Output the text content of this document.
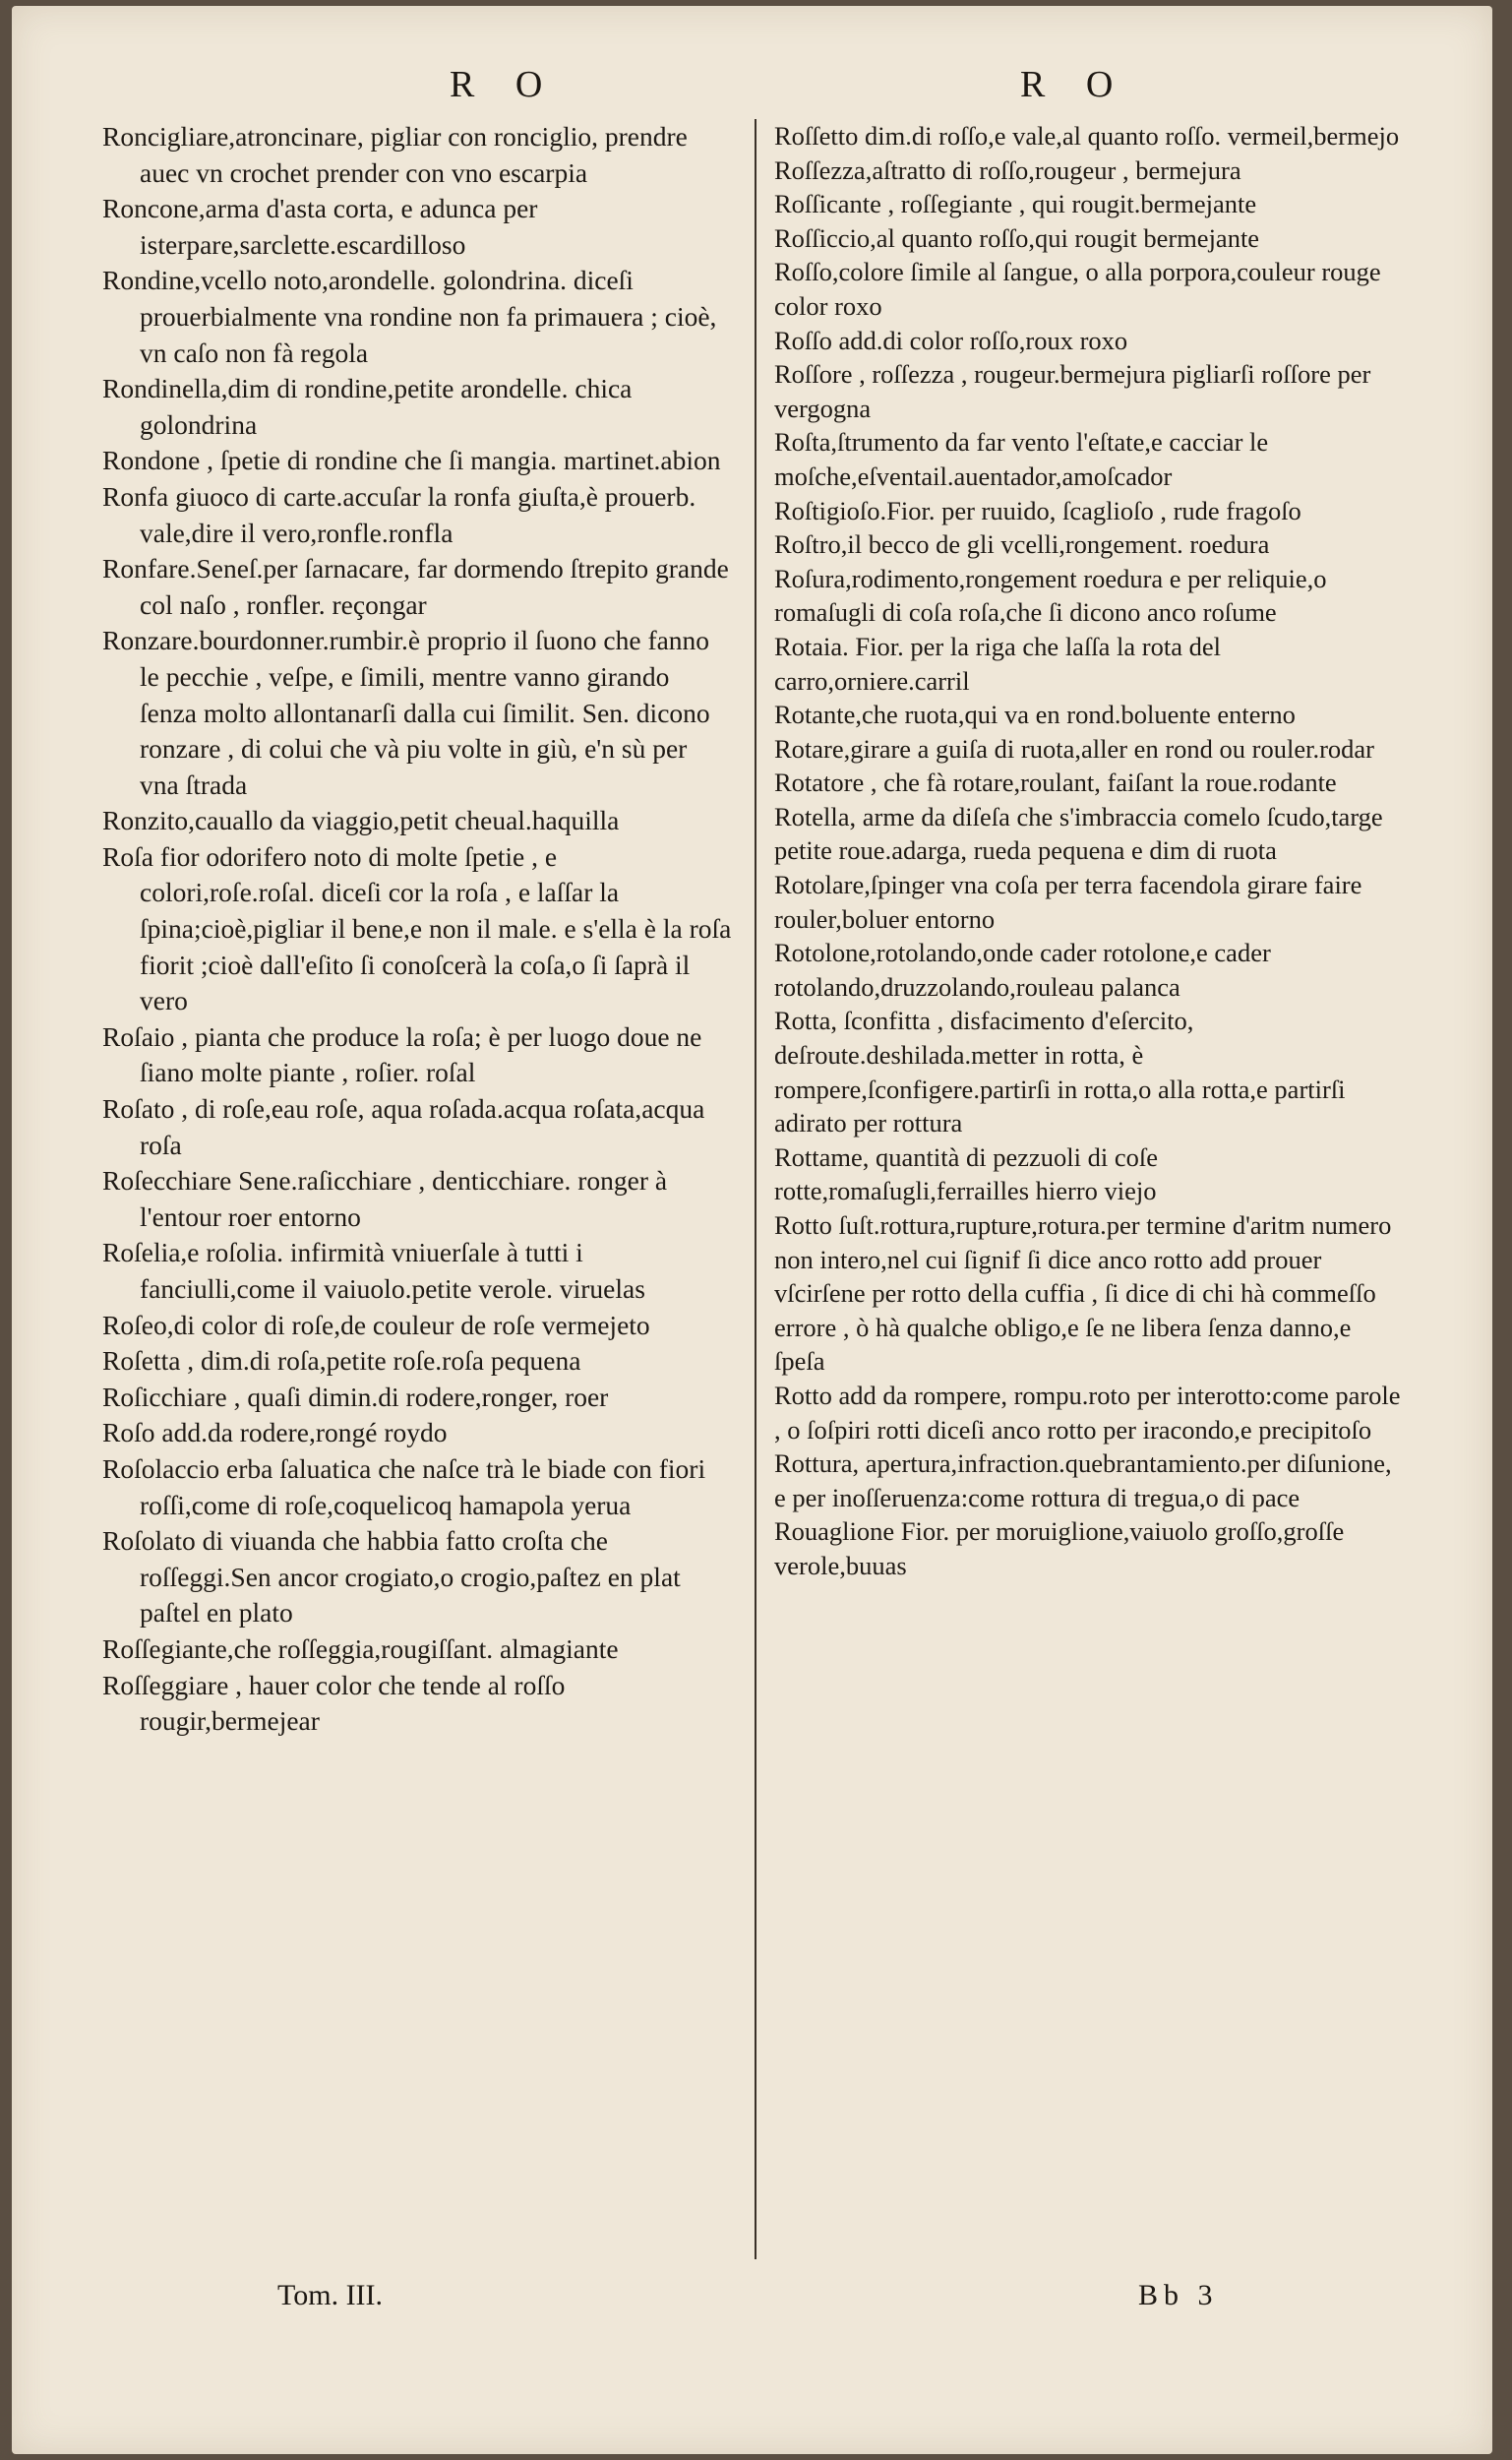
R O	R O

Roncigliare,atroncinare, pigliar con roncigliо, prendre auec vn crochet prender con vno escarpia

Roncone,arma d'asta corta, e adunca per isterpare,sarclette.escardilloso

Rondine,vcello noto,arondelle. golondrina. diceſi prouerbialmente vna rondine non fa primauera ; cioè, vn caſo non fà regola

Rondinella,dim di rondine,petite arondelle. chica golondrina

Rondone , ſpetie di rondine che ſi mangia. martinet.abion

Ronfa giuoco di carte.accuſar la ronfa giuſta,è prouerb. vale,dire il vero,ronfle.ronfla

Ronfare.Seneſ.per ſarnacare, far dormendo ſtrepito grande col naſo , ronfler. reçongar

Ronzare.bourdonner.rumbir.è proprio il ſuono che fanno le pecchie , veſpe, e ſimili, mentre vanno girando ſenza molto allontanarſi dalla cui ſimilit. Sen. dicono ronzare , di colui che và piu volte in giù, e'n sù per vna ſtrada

Ronzito,cauallo da viaggio,petit cheual.haquilla

Roſa fior odorifero noto di molte ſpetie , e colori,roſe.roſal. diceſi cor la roſa , e laſſar la ſpina;cioè,pigliar il bene,e non il male. e s'ella è la roſa fiorit ;cioè dall'eſito ſi conoſcerà la coſa,o ſi ſaprà il vero

Roſaio , pianta che produce la roſa; è per luogo doue ne ſiano molte piante , roſier. roſal

Roſato , di roſe,eau roſe, aqua roſada.acqua roſata,acqua roſa

Roſecchiare Sene.raſicchiare , denticchiare. ronger à l'entour roer entorno

Roſelia,e roſolia. infirmità vniuerſale à tutti i fanciulli,come il vaiuolo.petite verole. viruelas

Roſeo,di color di roſe,de couleur de roſe vermejeto

Roſetta , dim.di roſa,petite roſe.roſa pequena

Roſicchiare , quaſi dimin.di rodere,ronger, roer

Roſo add.da rodere,rongé roydo

Roſolaccio erba ſaluatica che naſce trà le biade con fiori roſſi,come di roſe,coquelicoq hamapola yerua

Roſolato di viuanda che habbia fatto croſta che roſſeggi.Sen ancor crogiato,o crogio,paſtez en plat paſtel en plato

Roſſegiante,che roſſeggia,rougiſſant. almagiante

Roſſeggiare , hauer color che tende al roſſo rougir,bermejear

Roſſetto dim.di roſſo,e vale,al quanto roſſo. vermeil,bermejo

Roſſezza,aſtratto di roſſo,rougeur , bermejura

Roſſicante , roſſegiante , qui rougit.bermejante

Roſſiccio,al quanto roſſo,qui rougit bermejante

Roſſo,colore ſimile al ſangue, o alla porpora,couleur rouge color roxo

Roſſo add.di color roſſo,roux roxo

Roſſore , roſſezza , rougeur.bermejura pigliarſi roſſore per vergogna

Roſta,ſtrumento da far vento l'eſtate,e cacciar le moſche,eſventail.auentador,amoſcador

Roſtigioſo.Fior. per ruuido, ſcaglioſo , rude fragoſo

Roſtro,il becco de gli vcelli,rongement. roedura

Roſura,rodimento,rongement roedura e per reliquie,o romaſugli di coſa roſa,che ſi dicono anco roſume

Rotaia. Fior. per la riga che laſſa la rota del carro,orniere.carril

Rotante,che ruota,qui va en rond.boluente enterno

Rotare,girare a guiſa di ruota,aller en rond ou rouler.rodar

Rotatore , che fà rotare,roulant, faiſant la roue.rodante

Rotella, arme da diſeſa che s'imbraccia comelo ſcudo,targe petite roue.adarga, rueda pequena e dim di ruota

Rotolare,ſpinger vna coſa per terra facendola girare faire rouler,boluer entorno

Rotolone,rotolando,onde cader rotolone,e cader rotolando,druzzolando,rouleau palanca

Rotta, ſconfitta , disfacimento d'eſercito, deſroute.deshilada.metter in rotta, è rompere,ſconfigere.partirſi in rotta,o alla rotta,e partirſi adirato per rottura

Rottame, quantità di pezzuoli di coſe rotte,romaſugli,ferrailles hierro viejo

Rotto ſuſt.rottura,rupture,rotura.per termine d'aritm numero non intero,nel cui ſignif ſi dice anco rotto add prouer vſcirſene per rotto della cuffia , ſi dice di chi hà commeſſo errore , ò hà qualche obligo,e ſe ne libera ſenza danno,e ſpeſa

Rotto add da rompere, rompu.roto per interotto:come parole , o ſoſpiri rotti diceſi anco rotto per iracondo,e precipitoſo

Rottura, apertura,infraction.quebrantamiento.per diſunione, e per inoſſeruenza:come rottura di tregua,o di pace

Rouaglione Fior. per moruiglione,vaiuolo groſſo,groſſe verole,buuas

Tom. III.	Bb 3
